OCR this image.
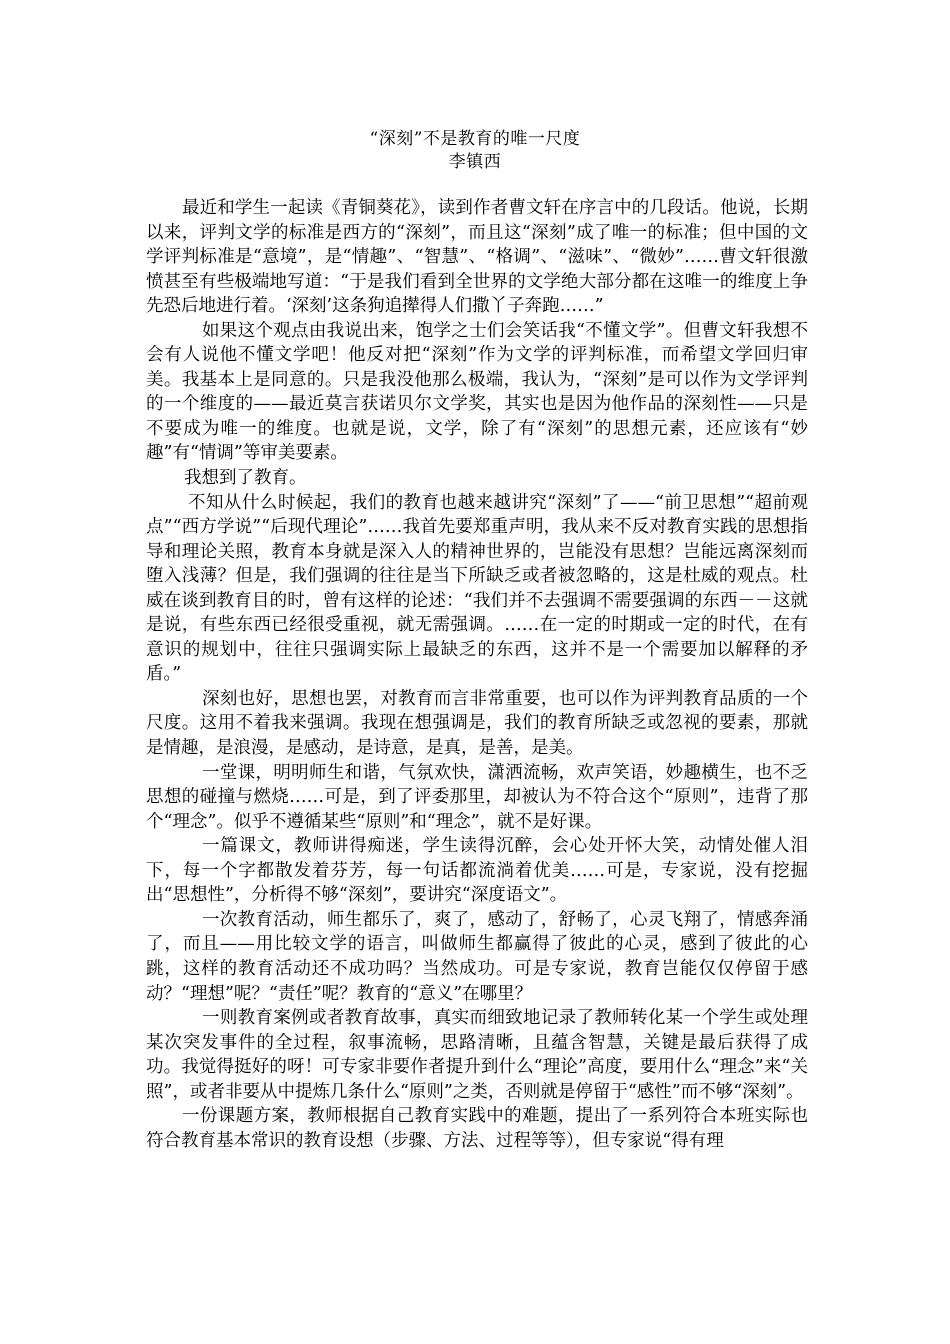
“深刻”不是教育的唯一尺度
李镇西

最近和学生一起读《青铜葵花》，读到作者曹文轩在序言中的几段话。他说，长期以来，评判文学的标准是西方的“深刻”，而且这“深刻”成了唯一的标准；但中国的文学评判标准是“意境”，是“情趣”、“智慧”、“格调”、“滋味”、“微妙”……曹文轩很激愤甚至有些极端地写道：“于是我们看到全世界的文学绝大部分都在这唯一的维度上争先恐后地进行着。‘深刻’这条狗追撵得人们撒丫子奔跑……”

如果这个观点由我说出来，饱学之士们会笑话我“不懂文学”。但曹文轩我想不会有人说他不懂文学吧！他反对把“深刻”作为文学的评判标准，而希望文学回归审美。我基本上是同意的。只是我没他那么极端，我认为，“深刻”是可以作为文学评判的一个维度的——最近莫言获诺贝尔文学奖，其实也是因为他作品的深刻性——只是不要成为唯一的维度。也就是说，文学，除了有“深刻”的思想元素，还应该有“妙趣”有“情调”等审美要素。

我想到了教育。

不知从什么时候起，我们的教育也越来越讲究“深刻”了——“前卫思想”“超前观点”“西方学说”“后现代理论”……我首先要郑重声明，我从来不反对教育实践的思想指导和理论关照，教育本身就是深入人的精神世界的，岂能没有思想？岂能远离深刻而堕入浅薄？但是，我们强调的往往是当下所缺乏或者被忽略的，这是杜威的观点。杜威在谈到教育目的时，曾有这样的论述：“我们并不去强调不需要强调的东西－－这就是说，有些东西已经很受重视，就无需强调。……在一定的时期或一定的时代，在有意识的规划中，往往只强调实际上最缺乏的东西，这并不是一个需要加以解释的矛盾。”

深刻也好，思想也罢，对教育而言非常重要，也可以作为评判教育品质的一个尺度。这用不着我来强调。我现在想强调是，我们的教育所缺乏或忽视的要素，那就是情趣，是浪漫，是感动，是诗意，是真，是善，是美。

一堂课，明明师生和谐，气氛欢快，潇洒流畅，欢声笑语，妙趣横生，也不乏思想的碰撞与燃烧……可是，到了评委那里，却被认为不符合这个“原则”，违背了那个“理念”。似乎不遵循某些“原则”和“理念”，就不是好课。

一篇课文，教师讲得痴迷，学生读得沉醉，会心处开怀大笑，动情处催人泪下，每一个字都散发着芬芳，每一句话都流淌着优美……可是，专家说，没有挖掘出“思想性”，分析得不够“深刻”，要讲究“深度语文”。

一次教育活动，师生都乐了，爽了，感动了，舒畅了，心灵飞翔了，情感奔涌了，而且——用比较文学的语言，叫做师生都赢得了彼此的心灵，感到了彼此的心跳，这样的教育活动还不成功吗？当然成功。可是专家说，教育岂能仅仅停留于感动？“理想”呢？“责任”呢？教育的“意义”在哪里？

一则教育案例或者教育故事，真实而细致地记录了教师转化某一个学生或处理某次突发事件的全过程，叙事流畅，思路清晰，且蕴含智慧，关键是最后获得了成功。我觉得挺好的呀！可专家非要作者提升到什么“理论”高度，要用什么“理念”来“关照”，或者非要从中提炼几条什么“原则”之类，否则就是停留于“感性”而不够“深刻”。

一份课题方案，教师根据自己教育实践中的难题，提出了一系列符合本班实际也符合教育基本常识的教育设想（步骤、方法、过程等等），但专家说“得有理
